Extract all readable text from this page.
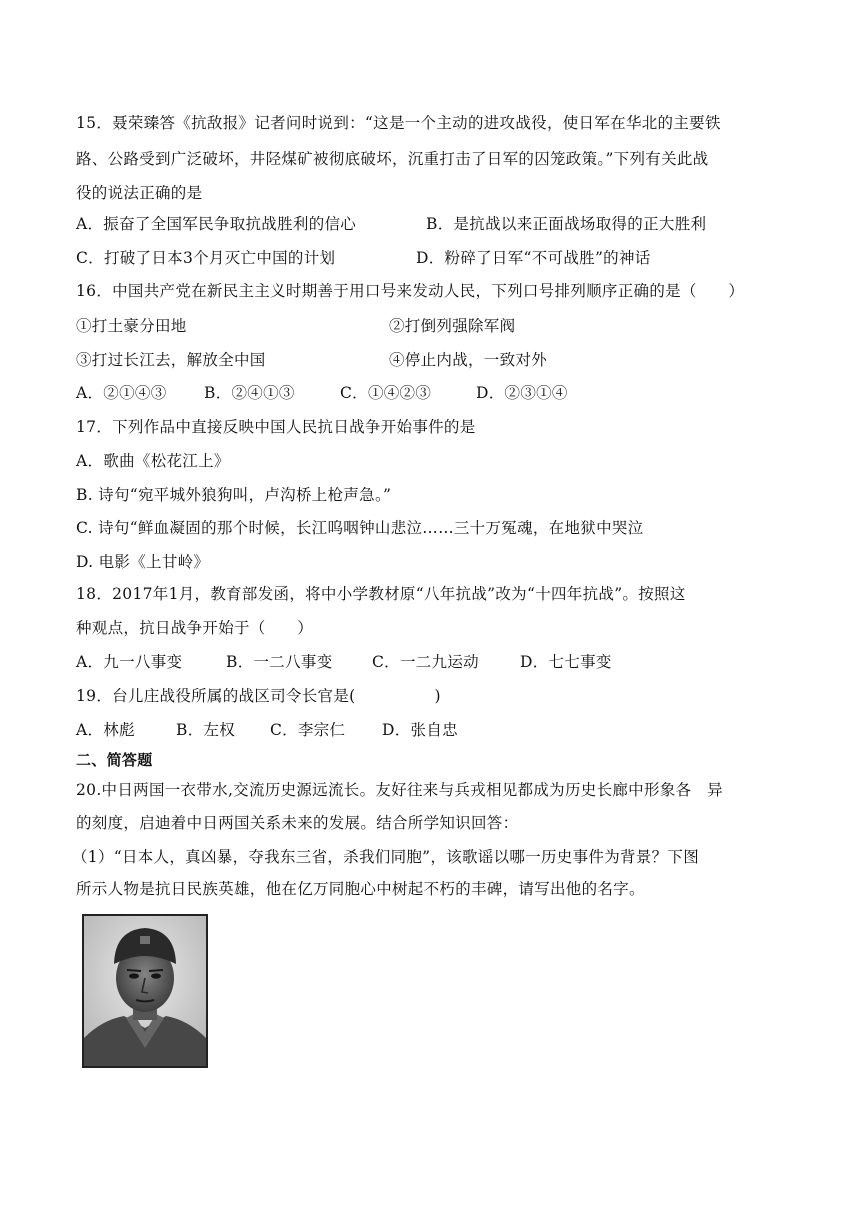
15．聂荣臻答《抗敌报》记者问时说到：“这是一个主动的进攻战役，使日军在华北的主要铁
路、公路受到广泛破坏，井陉煤矿被彻底破坏，沉重打击了日军的囚笼政策。”下列有关此战
役的说法正确的是
A．振奋了全国军民争取抗战胜利的信心	B．是抗战以来正面战场取得的正大胜利
C．打破了日本3个月灭亡中国的计划	D．粉碎了日军“不可战胜”的神话
16．中国共产党在新民主主义时期善于用口号来发动人民，下列口号排列顺序正确的是（　　）
①打土豪分田地	②打倒列强除军阀
③打过长江去，解放全中国	④停止内战，一致对外
A．②①④③ B．②④①③	C．①④②③	D．②③①④
17．下列作品中直接反映中国人民抗日战争开始事件的是
A．歌曲《松花江上》
B. 诗句“宛平城外狼狗叫，卢沟桥上枪声急。”
C. 诗句“鲜血凝固的那个时候，长江呜咽钟山悲泣……三十万冤魂，在地狱中哭泣
D. 电影《上甘岭》
18．2017年1月，教育部发函，将中小学教材原“八年抗战”改为“十四年抗战”。按照这
种观点，抗日战争开始于（　　）
A．九一八事变	B．一二八事变	C．一二九运动	D．七七事变
19．台儿庄战役所属的战区司令长官是(　　　　　)
A．林彪	B．左权 C．李宗仁 D．张自忠
二、简答题
20.中日两国一衣带水,交流历史源远流长。友好往来与兵戎相见都成为历史长廊中形象各　异
的刻度，启迪着中日两国关系未来的发展。结合所学知识回答：
（1）“日本人，真凶暴，夺我东三省，杀我们同胞”，该歌谣以哪一历史事件为背景？下图
所示人物是抗日民族英雄，他在亿万同胞心中树起不朽的丰碑，请写出他的名字。
